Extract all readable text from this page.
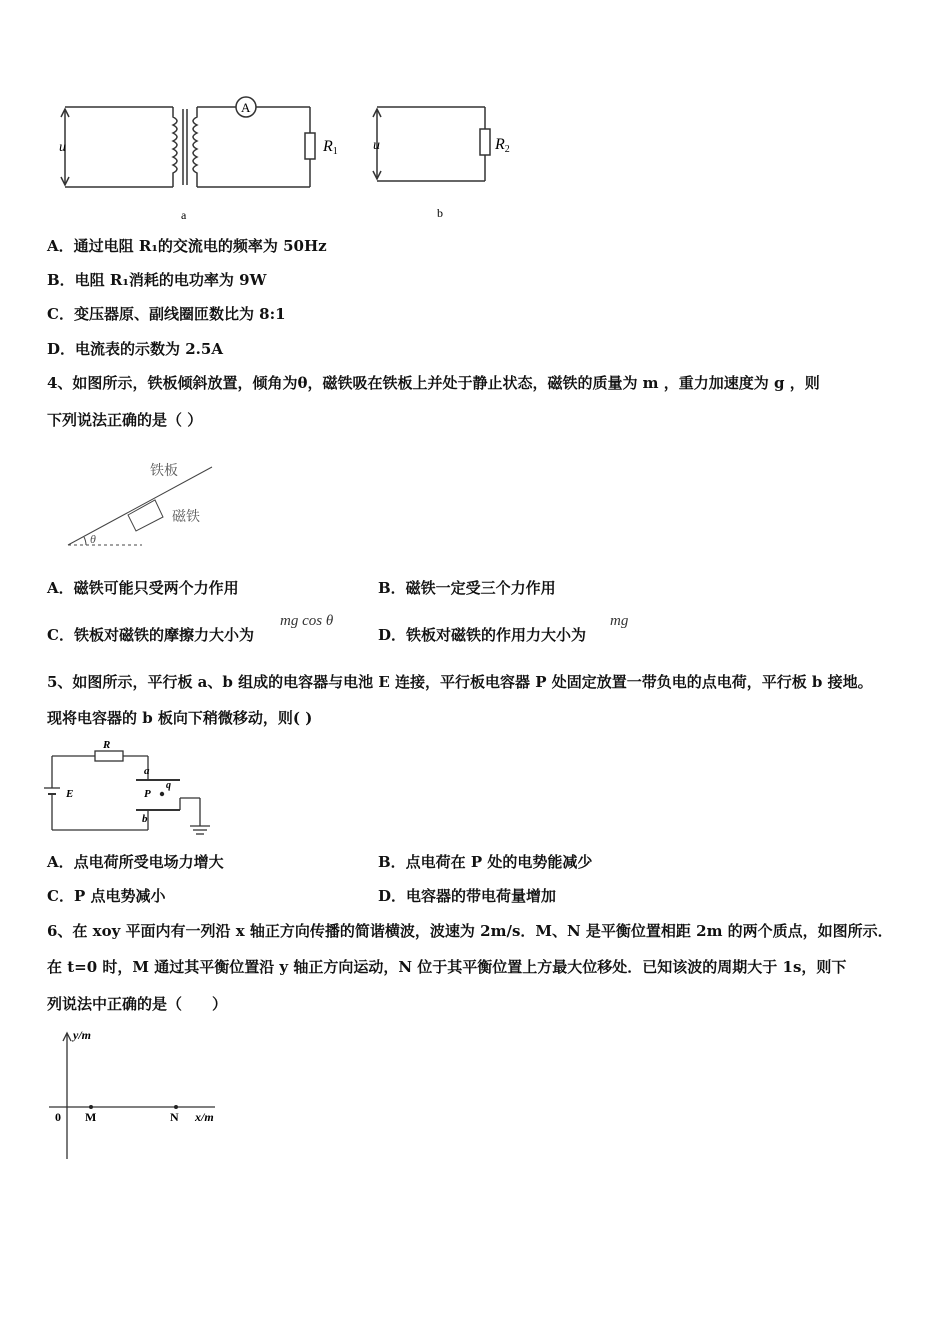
u
A
R1
a
u	R2
b
A．通过电阻 R₁的交流电的频率为 50Hz
B．电阻 R₁消耗的电功率为 9W
C．变压器原、副线圈匝数比为 8:1
D．电流表的示数为 2.5A
4、如图所示，铁板倾斜放置，倾角为θ，磁铁吸在铁板上并处于静止状态，磁铁的质量为 m ，重力加速度为 g ，则
下列说法正确的是（ ）
铁板
磁铁
θ
A．磁铁可能只受两个力作用	B．磁铁一定受三个力作用
C．铁板对磁铁的摩擦力大小为
mg cos θ
D．铁板对磁铁的作用力大小为
mg
5、如图所示，平行板 a、b 组成的电容器与电池 E 连接，平行板电容器 P 处固定放置一带负电的点电荷，平行板 b 接地。
现将电容器的 b 板向下稍微移动，则( )
R
E
a
b
P
q
A．点电荷所受电场力增大	B．点电荷在 P 处的电势能减少
C．P 点电势减小	D．电容器的带电荷量增加
6、在 xoy 平面内有一列沿 x 轴正方向传播的简谐横波，波速为 2m/s．M、N 是平衡位置相距 2m 的两个质点，如图所示．
在 t=0 时，M 通过其平衡位置沿 y 轴正方向运动，N 位于其平衡位置上方最大位移处．已知该波的周期大于 1s，则下
列说法中正确的是（　　）
y/m
0 M	N x/m
